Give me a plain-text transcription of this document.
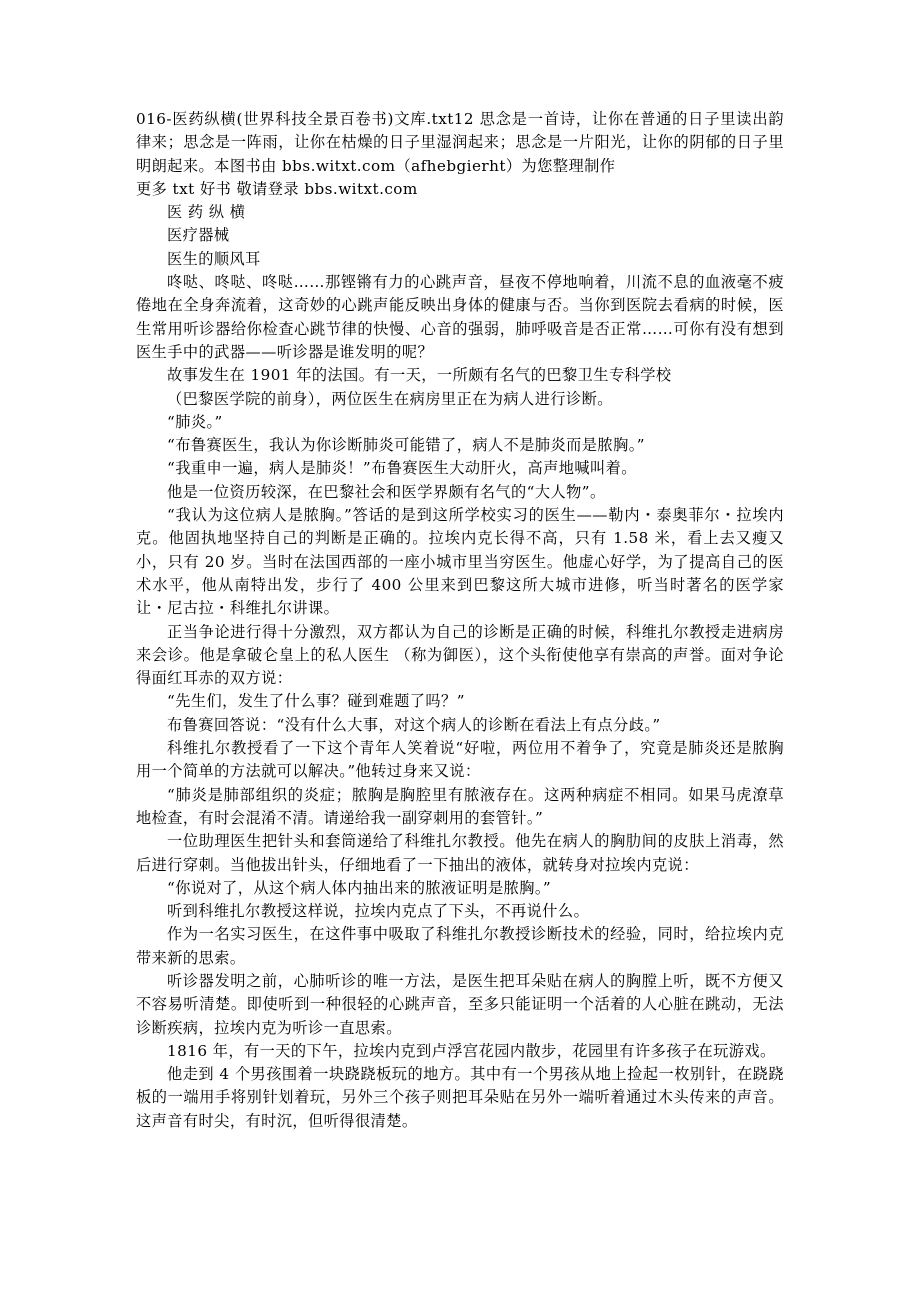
016-医药纵横(世界科技全景百卷书)文库.txt12 思念是一首诗，让你在普通的日子里读出韵律来；思念是一阵雨，让你在枯燥的日子里湿润起来；思念是一片阳光，让你的阴郁的日子里明朗起来。本图书由 bbs.witxt.com（afhebgierht）为您整理制作

更多 txt 好书 敬请登录 bbs.witxt.com

医 药 纵 横

医疗器械

医生的顺风耳

咚哒、咚哒、咚哒……那铿锵有力的心跳声音，昼夜不停地响着，川流不息的血液毫不疲倦地在全身奔流着，这奇妙的心跳声能反映出身体的健康与否。当你到医院去看病的时候，医生常用听诊器给你检查心跳节律的快慢、心音的强弱，肺呼吸音是否正常……可你有没有想到医生手中的武器——听诊器是谁发明的呢？

故事发生在 1901 年的法国。有一天，一所颇有名气的巴黎卫生专科学校

（巴黎医学院的前身），两位医生在病房里正在为病人进行诊断。

“肺炎。”

“布鲁赛医生，我认为你诊断肺炎可能错了，病人不是肺炎而是脓胸。”

“我重申一遍，病人是肺炎！”布鲁赛医生大动肝火，高声地喊叫着。

他是一位资历较深，在巴黎社会和医学界颇有名气的“大人物”。

“我认为这位病人是脓胸。”答话的是到这所学校实习的医生——勒内・泰奥菲尔・拉埃内克。他固执地坚持自己的判断是正确的。拉埃内克长得不高，只有 1.58 米，看上去又瘦又小，只有 20 岁。当时在法国西部的一座小城市里当穷医生。他虚心好学，为了提高自己的医术水平，他从南特出发，步行了 400 公里来到巴黎这所大城市进修，听当时著名的医学家让・尼古拉・科维扎尔讲课。

正当争论进行得十分激烈，双方都认为自己的诊断是正确的时候，科维扎尔教授走进病房来会诊。他是拿破仑皇上的私人医生 （称为御医），这个头衔使他享有崇高的声誉。面对争论得面红耳赤的双方说：

“先生们，发生了什么事？碰到难题了吗？”

布鲁赛回答说：“没有什么大事，对这个病人的诊断在看法上有点分歧。”

科维扎尔教授看了一下这个青年人笑着说“好啦，两位用不着争了，究竟是肺炎还是脓胸用一个简单的方法就可以解决。”他转过身来又说：

“肺炎是肺部组织的炎症；脓胸是胸腔里有脓液存在。这两种病症不相同。如果马虎潦草地检查，有时会混淆不清。请递给我一副穿刺用的套管针。”

一位助理医生把针头和套筒递给了科维扎尔教授。他先在病人的胸肋间的皮肤上消毒，然后进行穿刺。当他拔出针头，仔细地看了一下抽出的液体，就转身对拉埃内克说：

“你说对了，从这个病人体内抽出来的脓液证明是脓胸。”

听到科维扎尔教授这样说，拉埃内克点了下头，不再说什么。

作为一名实习医生，在这件事中吸取了科维扎尔教授诊断技术的经验，同时，给拉埃内克带来新的思索。

听诊器发明之前，心肺听诊的唯一方法，是医生把耳朵贴在病人的胸膛上听，既不方便又不容易听清楚。即使听到一种很轻的心跳声音，至多只能证明一个活着的人心脏在跳动，无法诊断疾病，拉埃内克为听诊一直思索。

1816 年，有一天的下午，拉埃内克到卢浮宫花园内散步，花园里有许多孩子在玩游戏。

他走到 4 个男孩围着一块跷跷板玩的地方。其中有一个男孩从地上捡起一枚别针，在跷跷板的一端用手将别针划着玩，另外三个孩子则把耳朵贴在另外一端听着通过木头传来的声音。这声音有时尖，有时沉，但听得很清楚。
